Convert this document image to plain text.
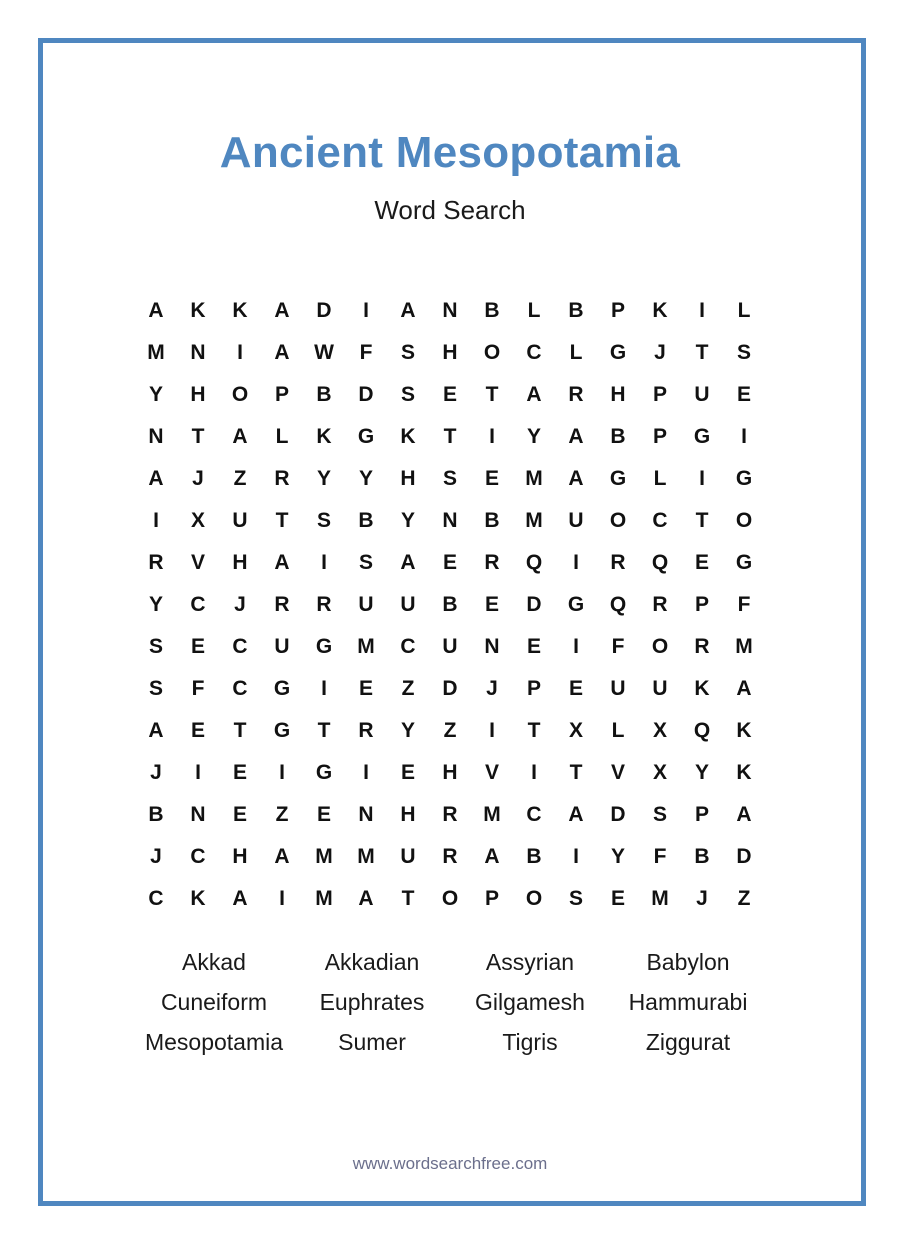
Ancient Mesopotamia
Word Search
A	K	K	A	D	I	A	N	B	L	B	P	K	I	L
M	N	I	A	W	F	S	H	O	C	L	G	J	T	S
Y	H	O	P	B	D	S	E	T	A	R	H	P	U	E
N	T	A	L	K	G	K	T	I	Y	A	B	P	G	I
A	J	Z	R	Y	Y	H	S	E	M	A	G	L	I	G
I	X	U	T	S	B	Y	N	B	M	U	O	C	T	O
R	V	H	A	I	S	A	E	R	Q	I	R	Q	E	G
Y	C	J	R	R	U	U	B	E	D	G	Q	R	P	F
S	E	C	U	G	M	C	U	N	E	I	F	O	R	M
S	F	C	G	I	E	Z	D	J	P	E	U	U	K	A
A	E	T	G	T	R	Y	Z	I	T	X	L	X	Q	K
J	I	E	I	G	I	E	H	V	I	T	V	X	Y	K
B	N	E	Z	E	N	H	R	M	C	A	D	S	P	A
J	C	H	A	M	M	U	R	A	B	I	Y	F	B	D
C	K	A	I	M	A	T	O	P	O	S	E	M	J	Z
Akkad	Akkadian	Assyrian	Babylon
Cuneiform	Euphrates	Gilgamesh	Hammurabi
Mesopotamia	Sumer	Tigris	Ziggurat
www.wordsearchfree.com
